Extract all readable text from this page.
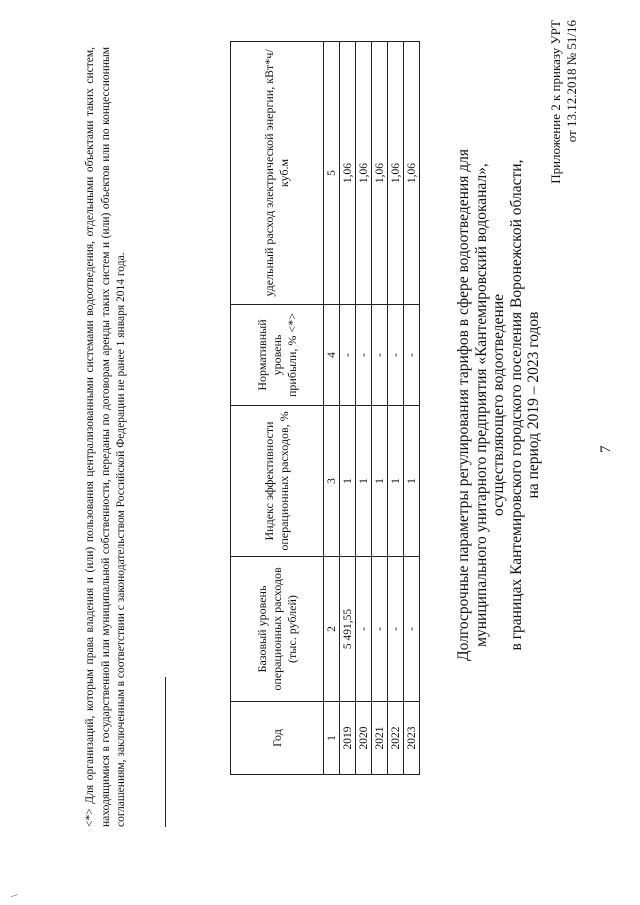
Приложение 2 к приказу УРТ от 13.12.2018 № 51/16
7
Долгосрочные параметры регулирования тарифов в сфере водоотведения для муниципального унитарного предприятия «Кантемировский водоканал», осуществляющего водоотведение в границах Кантемировского городского поселения Воронежской области, на период 2019 – 2023 годов
Год	Базовый уровень операционных расходов (тыс. рублей)	Индекс эффективности операционных расходов, %	Нормативный уровень прибыли, % <*>	удельный расход электрической энергии, кВт*ч/куб.м
1	2	3	4	5
2019	5 491,55	1	-	1,06
2020	-	1	-	1,06
2021	-	1	-	1,06
2022	-	1	-	1,06
2023	-	1	-	1,06
<*> Для организаций, которым права владения и (или) пользования централизованными системами водоотведения, отдельными объектами таких систем, находящимися в государственной или муниципальной собственности, переданы по договорам аренды таких систем и (или) объектов или по концессионным соглашениям, заключенным в соответствии с законодательством Российской Федерации не ранее 1 января 2014 года.
\
